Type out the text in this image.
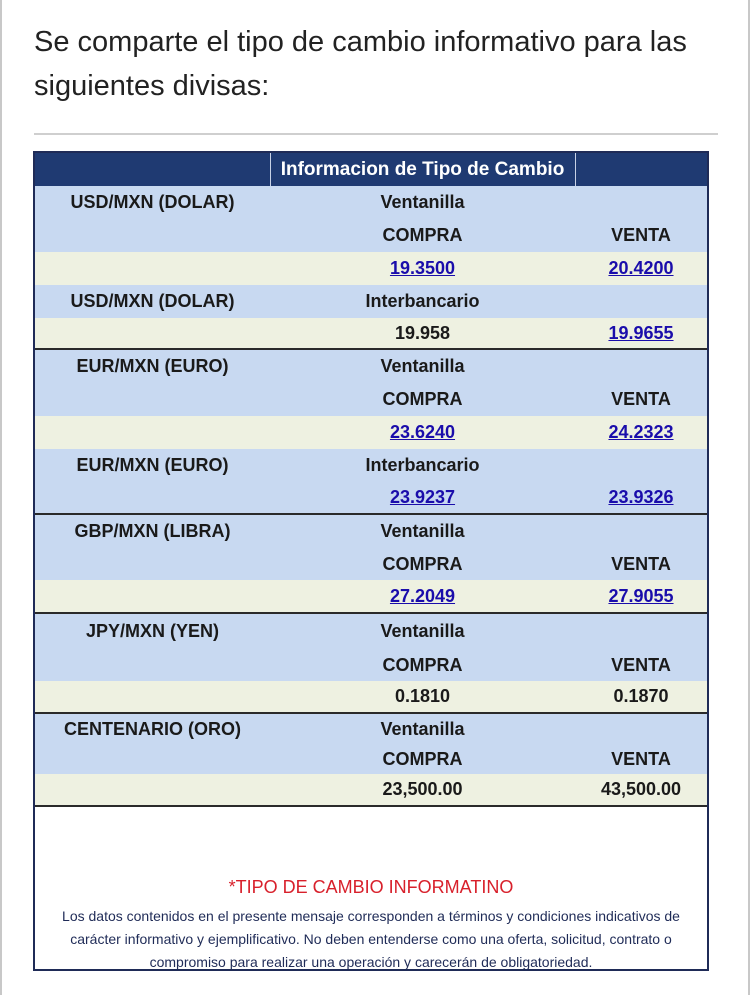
Se comparte el tipo de cambio informativo para las siguientes divisas:
Informacion de Tipo de Cambio
USD/MXN (DOLAR)	Ventanilla
COMPRA	VENTA
19.3500	20.4200
USD/MXN (DOLAR)	Interbancario
19.958	19.9655
EUR/MXN (EURO)	Ventanilla
COMPRA	VENTA
23.6240	24.2323
EUR/MXN (EURO)	Interbancario
23.9237	23.9326
GBP/MXN (LIBRA)	Ventanilla
COMPRA	VENTA
27.2049	27.9055
JPY/MXN (YEN)	Ventanilla
COMPRA	VENTA
0.1810	0.1870
CENTENARIO (ORO)	Ventanilla
COMPRA	VENTA
23,500.00	43,500.00
*TIPO DE CAMBIO INFORMATINO
Los datos contenidos en el presente mensaje corresponden a términos y condiciones indicativos de
carácter informativo y ejemplificativo. No deben entenderse como una oferta, solicitud, contrato o
compromiso para realizar una operación y carecerán de obligatoriedad.
